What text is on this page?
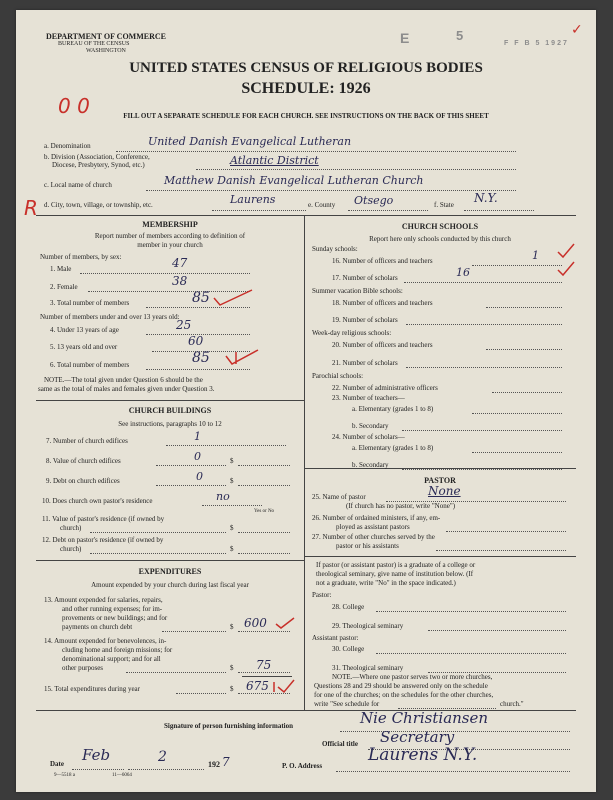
DEPARTMENT OF COMMERCE
BUREAU OF THE CENSUS
WASHINGTON
E	5
F F B 5 1927
✓
UNITED STATES CENSUS OF RELIGIOUS BODIES
SCHEDULE: 1926
0 0	FILL OUT A SEPARATE SCHEDULE FOR EACH CHURCH. SEE INSTRUCTIONS ON THE BACK OF THIS SHEET
a. Denomination	United Danish Evangelical Lutheran
b. Division (Association, Conference,
Diocese, Presbytery, Synod, etc.)	Atlantic District
c. Local name of church	Matthew Danish Evangelical Lutheran Church
R d. City, town, village, or township, etc.	Laurens	e. County Otsego	f. State N.Y.
MEMBERSHIP
Report number of members according to definition of
member in your church
Number of members, by sex:
1. Male	47
2. Female	38
3. Total number of members	85
Number of members under and over 13 years old:
4. Under 13 years of age	25
5. 13 years old and over	60
6. Total number of members	85
NOTE.—The total given under Question 6 should be the
same as the total of males and females given under Question 3.
CHURCH BUILDINGS
See instructions, paragraphs 10 to 12
7. Number of church edifices	1
8. Value of church edifices	0	$
9. Debt on church edifices	0	$
10. Does church own pastor's residence	no
Yes or No
11. Value of pastor's residence (if owned by
church)	$
12. Debt on pastor's residence (if owned by
church)	$
EXPENDITURES
Amount expended by your church during last fiscal year
13. Amount expended for salaries, repairs,
and other running expenses; for im-
provements or new buildings; and for
payments on church debt	$ 600
14. Amount expended for benevolences, in-
cluding home and foreign missions; for
denominational support; and for all
other purposes	$ 75
15. Total expenditures during year	$ 675
CHURCH SCHOOLS
Report here only schools conducted by this church
Sunday schools:
16. Number of officers and teachers	1
17. Number of scholars	16
Summer vacation Bible schools:
18. Number of officers and teachers
19. Number of scholars
Week-day religious schools:
20. Number of officers and teachers
21. Number of scholars
Parochial schools:
22. Number of administrative officers
23. Number of teachers—
a. Elementary (grades 1 to 8)
b. Secondary
24. Number of scholars—
a. Elementary (grades 1 to 8)
b. Secondary
PASTOR
25. Name of pastor	None
(If church has no pastor, write "None")
26. Number of ordained ministers, if any, em-
ployed as assistant pastors
27. Number of other churches served by the
pastor or his assistants
If pastor (or assistant pastor) is a graduate of a college or
theological seminary, give name of institution below. (If
not a graduate, write "No" in the space indicated.)
Pastor:
28. College
29. Theological seminary
Assistant pastor:
30. College
31. Theological seminary
NOTE.—Where one pastor serves two or more churches,
Questions 28 and 29 should be answered only on the schedule
for one of the churches; on the schedules for the other churches,
write "See schedule for	church."
Signature of person furnishing information	Nie Christiansen
Official title Secretary
Date Feb	2	192 7	P. O. Address
Laurens N.Y.
9—5518 a	11—6064
